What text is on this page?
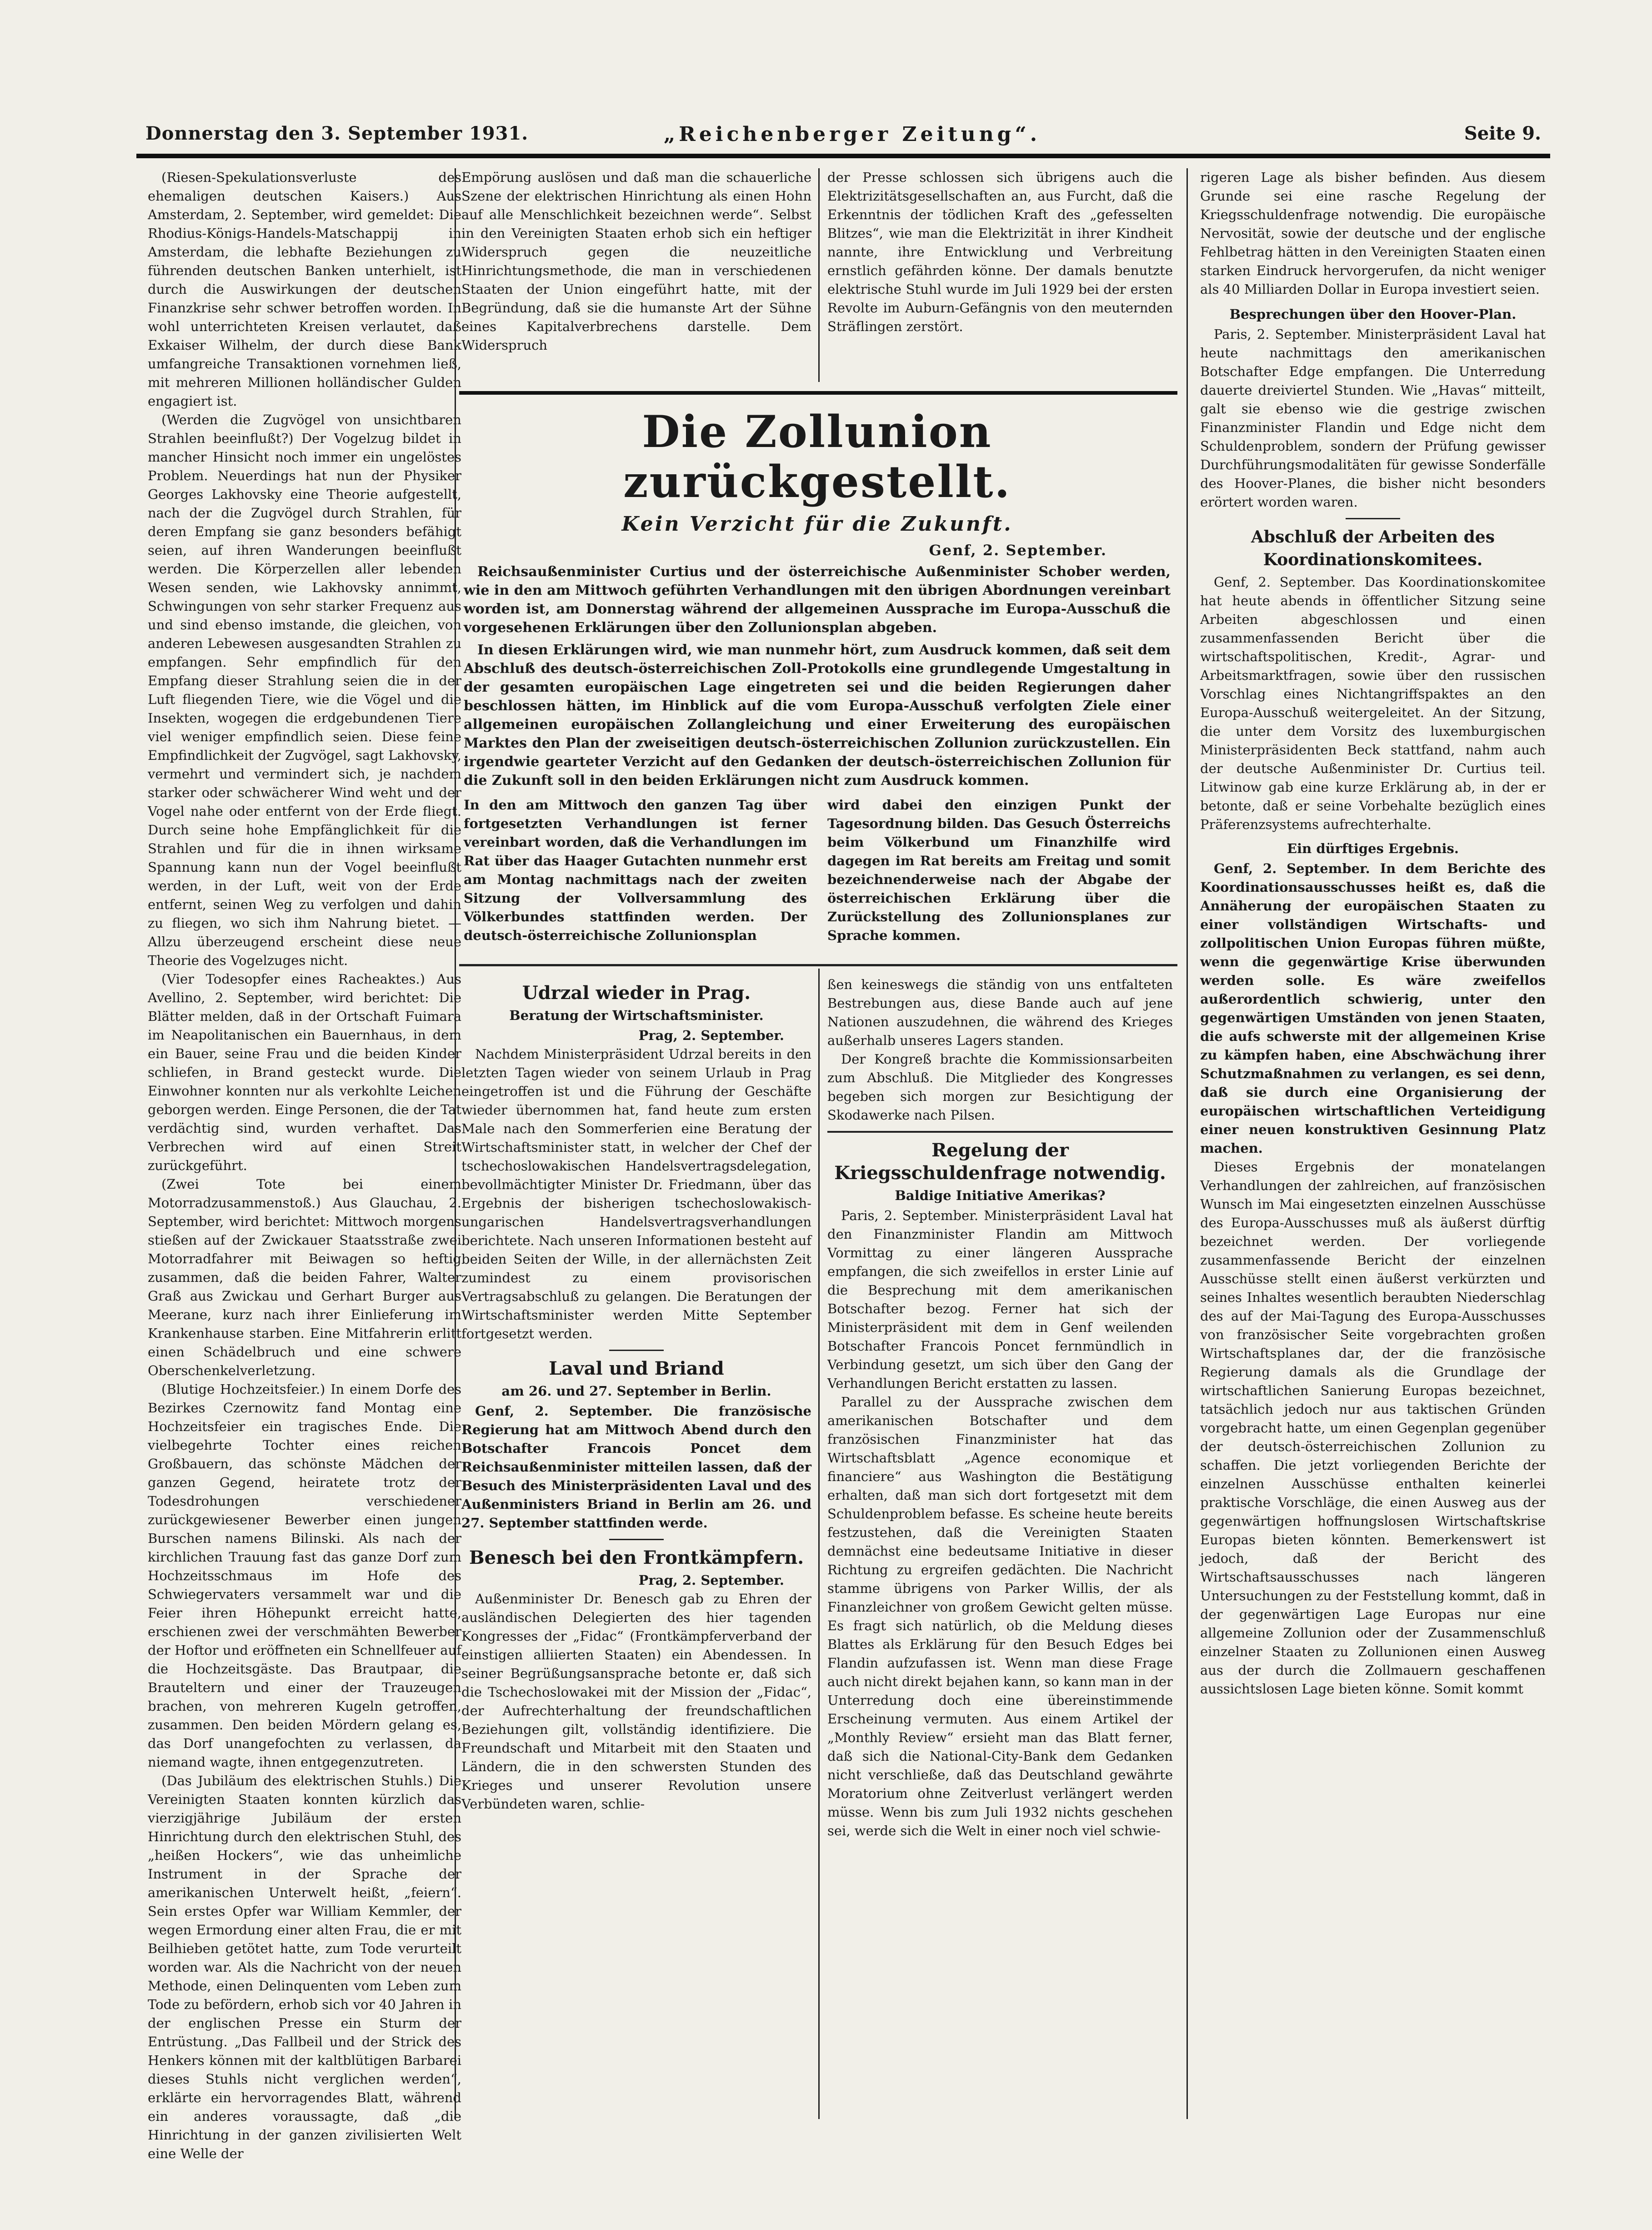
Donnerstag den 3. September 1931.	„Reichenberger Zeitung“.	Seite 9.

(Riesen-Spekulationsverluste des ehemaligen deutschen Kaisers.) Aus Amsterdam, 2. September, wird gemeldet: Die Rhodius-Königs-Handels-Matschappij in Amsterdam, die lebhafte Beziehungen zu führenden deutschen Banken unterhielt, ist durch die Auswirkungen der deutschen Finanzkrise sehr schwer betroffen worden. In wohl unterrichteten Kreisen verlautet, daß Exkaiser Wilhelm, der durch diese Bank umfangreiche Transaktionen vornehmen ließ, mit mehreren Millionen holländischer Gulden engagiert ist.

(Werden die Zugvögel von unsichtbaren Strahlen beeinflußt?) Der Vogelzug bildet in mancher Hinsicht noch immer ein ungelöstes Problem. Neuerdings hat nun der Physiker Georges Lakhovsky eine Theorie aufgestellt, nach der die Zugvögel durch Strahlen, für deren Empfang sie ganz besonders befähigt seien, auf ihren Wanderungen beeinflußt werden. Die Körperzellen aller lebenden Wesen senden, wie Lakhovsky annimmt, Schwingungen von sehr starker Frequenz aus und sind ebenso imstande, die gleichen, von anderen Lebewesen ausgesandten Strahlen zu empfangen. Sehr empfindlich für den Empfang dieser Strahlung seien die in der Luft fliegenden Tiere, wie die Vögel und die Insekten, wogegen die erdgebundenen Tiere viel weniger empfindlich seien. Diese feine Empfindlichkeit der Zugvögel, sagt Lakhovsky, vermehrt und vermindert sich, je nachdem starker oder schwächerer Wind weht und der Vogel nahe oder entfernt von der Erde fliegt. Durch seine hohe Empfänglichkeit für die Strahlen und für die in ihnen wirksame Spannung kann nun der Vogel beeinflußt werden, in der Luft, weit von der Erde entfernt, seinen Weg zu verfolgen und dahin zu fliegen, wo sich ihm Nahrung bietet. — Allzu überzeugend erscheint diese neue Theorie des Vogelzuges nicht.

(Vier Todesopfer eines Racheaktes.) Aus Avellino, 2. September, wird berichtet: Die Blätter melden, daß in der Ortschaft Fuimara im Neapolitanischen ein Bauernhaus, in dem ein Bauer, seine Frau und die beiden Kinder schliefen, in Brand gesteckt wurde. Die Einwohner konnten nur als verkohlte Leichen geborgen werden. Einge Personen, die der Tat verdächtig sind, wurden verhaftet. Das Verbrechen wird auf einen Streit zurückgeführt.

(Zwei Tote bei einem Motorradzusammenstoß.) Aus Glauchau, 2. September, wird berichtet: Mittwoch morgens stießen auf der Zwickauer Staatsstraße zwei Motorradfahrer mit Beiwagen so heftig zusammen, daß die beiden Fahrer, Walter Graß aus Zwickau und Gerhart Burger aus Meerane, kurz nach ihrer Einlieferung im Krankenhause starben. Eine Mitfahrerin erlitt einen Schädelbruch und eine schwere Oberschenkelverletzung.

(Blutige Hochzeitsfeier.) In einem Dorfe des Bezirkes Czernowitz fand Montag eine Hochzeitsfeier ein tragisches Ende. Die vielbegehrte Tochter eines reichen Großbauern, das schönste Mädchen der ganzen Gegend, heiratete trotz der Todesdrohungen verschiedener zurückgewiesener Bewerber einen jungen Burschen namens Bilinski. Als nach der kirchlichen Trauung fast das ganze Dorf zum Hochzeitsschmaus im Hofe des Schwiegervaters versammelt war und die Feier ihren Höhepunkt erreicht hatte, erschienen zwei der verschmähten Bewerber der Hoftor und eröffneten ein Schnellfeuer auf die Hochzeitsgäste. Das Brautpaar, die Brauteltern und einer der Trauzeugen brachen, von mehreren Kugeln getroffen, zusammen. Den beiden Mördern gelang es, das Dorf unangefochten zu verlassen, da niemand wagte, ihnen entgegenzutreten.

(Das Jubiläum des elektrischen Stuhls.) Die Vereinigten Staaten konnten kürzlich das vierzigjährige Jubiläum der ersten Hinrichtung durch den elektrischen Stuhl, des „heißen Hockers“, wie das unheimliche Instrument in der Sprache der amerikanischen Unterwelt heißt, „feiern“. Sein erstes Opfer war William Kemmler, der wegen Ermordung einer alten Frau, die er mit Beilhieben getötet hatte, zum Tode verurteilt worden war. Als die Nachricht von der neuen Methode, einen Delinquenten vom Leben zum Tode zu befördern, erhob sich vor 40 Jahren in der englischen Presse ein Sturm der Entrüstung. „Das Fallbeil und der Strick des Henkers können mit der kaltblütigen Barbarei dieses Stuhls nicht verglichen werden“, erklärte ein hervorragendes Blatt, während ein anderes voraussagte, daß „die Hinrichtung in der ganzen zivilisierten Welt eine Welle der

Empörung auslösen und daß man die schauerliche Szene der elektrischen Hinrichtung als einen Hohn auf alle Menschlichkeit bezeichnen werde“. Selbst in den Vereinigten Staaten erhob sich ein heftiger Widerspruch gegen die neuzeitliche Hinrichtungsmethode, die man in verschiedenen Staaten der Union eingeführt hatte, mit der Begründung, daß sie die humanste Art der Sühne eines Kapitalverbrechens darstelle. Dem Widerspruch

der Presse schlossen sich übrigens auch die Elektrizitätsgesellschaften an, aus Furcht, daß die Erkenntnis der tödlichen Kraft des „gefesselten Blitzes“, wie man die Elektrizität in ihrer Kindheit nannte, ihre Entwicklung und Verbreitung ernstlich gefährden könne. Der damals benutzte elektrische Stuhl wurde im Juli 1929 bei der ersten Revolte im Auburn-Gefängnis von den meuternden Sträflingen zerstört.

Die Zollunion zurückgestellt.
Kein Verzicht für die Zukunft.
Genf, 2. September.

Reichsaußenminister Curtius und der österreichische Außenminister Schober werden, wie in den am Mittwoch geführten Verhandlungen mit den übrigen Abordnungen vereinbart worden ist, am Donnerstag während der allgemeinen Aussprache im Europa-Ausschuß die vorgesehenen Erklärungen über den Zollunionsplan abgeben.

In diesen Erklärungen wird, wie man nunmehr hört, zum Ausdruck kommen, daß seit dem Abschluß des deutsch-österreichischen Zoll-Protokolls eine grundlegende Umgestaltung in der gesamten europäischen Lage eingetreten sei und die beiden Regierungen daher beschlossen hätten, im Hinblick auf die vom Europa-Ausschuß verfolgten Ziele einer allgemeinen europäischen Zollangleichung und einer Erweiterung des europäischen Marktes den Plan der zweiseitigen deutsch-österreichischen Zollunion zurückzustellen. Ein irgendwie gearteter Verzicht auf den Gedanken der deutsch-österreichischen Zollunion für die Zukunft soll in den beiden Erklärungen nicht zum Ausdruck kommen.

In den am Mittwoch den ganzen Tag über fortgesetzten Verhandlungen ist ferner vereinbart worden, daß die Verhandlungen im Rat über das Haager Gutachten nunmehr erst am Montag nachmittags nach der zweiten Sitzung der Vollversammlung des Völkerbundes stattfinden werden. Der deutsch-österreichische Zollunionsplan
wird dabei den einzigen Punkt der Tagesordnung bilden. Das Gesuch Österreichs beim Völkerbund um Finanzhilfe wird dagegen im Rat bereits am Freitag und somit bezeichnenderweise nach der Abgabe der österreichischen Erklärung über die Zurückstellung des Zollunionsplanes zur Sprache kommen.
Udrzal wieder in Prag.
Beratung der Wirtschaftsminister.
Prag, 2. September.

Nachdem Ministerpräsident Udrzal bereits in den letzten Tagen wieder von seinem Urlaub in Prag eingetroffen ist und die Führung der Geschäfte wieder übernommen hat, fand heute zum ersten Male nach den Sommerferien eine Beratung der Wirtschaftsminister statt, in welcher der Chef der tschechoslowakischen Handelsvertragsdelegation, bevollmächtigter Minister Dr. Friedmann, über das Ergebnis der bisherigen tschechoslowakisch-ungarischen Handelsvertragsverhandlungen berichtete. Nach unseren Informationen besteht auf beiden Seiten der Wille, in der allernächsten Zeit zumindest zu einem provisorischen Vertragsabschluß zu gelangen. Die Beratungen der Wirtschaftsminister werden Mitte September fortgesetzt werden.

Laval und Briand
am 26. und 27. September in Berlin.

Genf, 2. September. Die französische Regierung hat am Mittwoch Abend durch den Botschafter Francois Poncet dem Reichsaußenminister mitteilen lassen, daß der Besuch des Ministerpräsidenten Laval und des Außenministers Briand in Berlin am 26. und 27. September stattfinden werde.

Benesch bei den Frontkämpfern.
Prag, 2. September.

Außenminister Dr. Benesch gab zu Ehren der ausländischen Delegierten des hier tagenden Kongresses der „Fidac“ (Frontkämpferverband der einstigen alliierten Staaten) ein Abendessen. In seiner Begrüßungsansprache betonte er, daß sich die Tschechoslowakei mit der Mission der „Fidac“, der Aufrechterhaltung der freundschaftlichen Beziehungen gilt, vollständig identifiziere. Die Freundschaft und Mitarbeit mit den Staaten und Ländern, die in den schwersten Stunden des Krieges und unserer Revolution unsere Verbündeten waren, schlie-

ßen keineswegs die ständig von uns entfalteten Bestrebungen aus, diese Bande auch auf jene Nationen auszudehnen, die während des Krieges außerhalb unseres Lagers standen.

Der Kongreß brachte die Kommissionsarbeiten zum Abschluß. Die Mitglieder des Kongresses begeben sich morgen zur Besichtigung der Skodawerke nach Pilsen.

Regelung der Kriegsschuldenfrage notwendig.
Baldige Initiative Amerikas?

Paris, 2. September. Ministerpräsident Laval hat den Finanzminister Flandin am Mittwoch Vormittag zu einer längeren Aussprache empfangen, die sich zweifellos in erster Linie auf die Besprechung mit dem amerikanischen Botschafter bezog. Ferner hat sich der Ministerpräsident mit dem in Genf weilenden Botschafter Francois Poncet fernmündlich in Verbindung gesetzt, um sich über den Gang der Verhandlungen Bericht erstatten zu lassen.

Parallel zu der Aussprache zwischen dem amerikanischen Botschafter und dem französischen Finanzminister hat das Wirtschaftsblatt „Agence economique et financiere“ aus Washington die Bestätigung erhalten, daß man sich dort fortgesetzt mit dem Schuldenproblem befasse. Es scheine heute bereits festzustehen, daß die Vereinigten Staaten demnächst eine bedeutsame Initiative in dieser Richtung zu ergreifen gedächten. Die Nachricht stamme übrigens von Parker Willis, der als Finanzleichner von großem Gewicht gelten müsse. Es fragt sich natürlich, ob die Meldung dieses Blattes als Erklärung für den Besuch Edges bei Flandin aufzufassen ist. Wenn man diese Frage auch nicht direkt bejahen kann, so kann man in der Unterredung doch eine übereinstimmende Erscheinung vermuten. Aus einem Artikel der „Monthly Review“ ersieht man das Blatt ferner, daß sich die National-City-Bank dem Gedanken nicht verschließe, daß das Deutschland gewährte Moratorium ohne Zeitverlust verlängert werden müsse. Wenn bis zum Juli 1932 nichts geschehen sei, werde sich die Welt in einer noch viel schwie-

rigeren Lage als bisher befinden. Aus diesem Grunde sei eine rasche Regelung der Kriegsschuldenfrage notwendig. Die europäische Nervosität, sowie der deutsche und der englische Fehlbetrag hätten in den Vereinigten Staaten einen starken Eindruck hervorgerufen, da nicht weniger als 40 Milliarden Dollar in Europa investiert seien.

Besprechungen über den Hoover-Plan.

Paris, 2. September. Ministerpräsident Laval hat heute nachmittags den amerikanischen Botschafter Edge empfangen. Die Unterredung dauerte dreiviertel Stunden. Wie „Havas“ mitteilt, galt sie ebenso wie die gestrige zwischen Finanzminister Flandin und Edge nicht dem Schuldenproblem, sondern der Prüfung gewisser Durchführungsmodalitäten für gewisse Sonderfälle des Hoover-Planes, die bisher nicht besonders erörtert worden waren.

Abschluß der Arbeiten des Koordinationskomitees.

Genf, 2. September. Das Koordinationskomitee hat heute abends in öffentlicher Sitzung seine Arbeiten abgeschlossen und einen zusammenfassenden Bericht über die wirtschaftspolitischen, Kredit-, Agrar- und Arbeitsmarktfragen, sowie über den russischen Vorschlag eines Nichtangriffspaktes an den Europa-Ausschuß weitergeleitet. An der Sitzung, die unter dem Vorsitz des luxemburgischen Ministerpräsidenten Beck stattfand, nahm auch der deutsche Außenminister Dr. Curtius teil. Litwinow gab eine kurze Erklärung ab, in der er betonte, daß er seine Vorbehalte bezüglich eines Präferenzsystems aufrechterhalte.

Ein dürftiges Ergebnis.

Genf, 2. September. In dem Berichte des Koordinationsausschusses heißt es, daß die Annäherung der europäischen Staaten zu einer vollständigen Wirtschafts- und zollpolitischen Union Europas führen müßte, wenn die gegenwärtige Krise überwunden werden solle. Es wäre zweifellos außerordentlich schwierig, unter den gegenwärtigen Umständen von jenen Staaten, die aufs schwerste mit der allgemeinen Krise zu kämpfen haben, eine Abschwächung ihrer Schutzmaßnahmen zu verlangen, es sei denn, daß sie durch eine Organisierung der europäischen wirtschaftlichen Verteidigung einer neuen konstruktiven Gesinnung Platz machen.

Dieses Ergebnis der monatelangen Verhandlungen der zahlreichen, auf französischen Wunsch im Mai eingesetzten einzelnen Ausschüsse des Europa-Ausschusses muß als äußerst dürftig bezeichnet werden. Der vorliegende zusammenfassende Bericht der einzelnen Ausschüsse stellt einen äußerst verkürzten und seines Inhaltes wesentlich beraubten Niederschlag des auf der Mai-Tagung des Europa-Ausschusses von französischer Seite vorgebrachten großen Wirtschaftsplanes dar, der die französische Regierung damals als die Grundlage der wirtschaftlichen Sanierung Europas bezeichnet, tatsächlich jedoch nur aus taktischen Gründen vorgebracht hatte, um einen Gegenplan gegenüber der deutsch-österreichischen Zollunion zu schaffen. Die jetzt vorliegenden Berichte der einzelnen Ausschüsse enthalten keinerlei praktische Vorschläge, die einen Ausweg aus der gegenwärtigen hoffnungslosen Wirtschaftskrise Europas bieten könnten. Bemerkenswert ist jedoch, daß der Bericht des Wirtschaftsausschusses nach längeren Untersuchungen zu der Feststellung kommt, daß in der gegenwärtigen Lage Europas nur eine allgemeine Zollunion oder der Zusammenschluß einzelner Staaten zu Zollunionen einen Ausweg aus der durch die Zollmauern geschaffenen aussichtslosen Lage bieten könne. Somit kommt
